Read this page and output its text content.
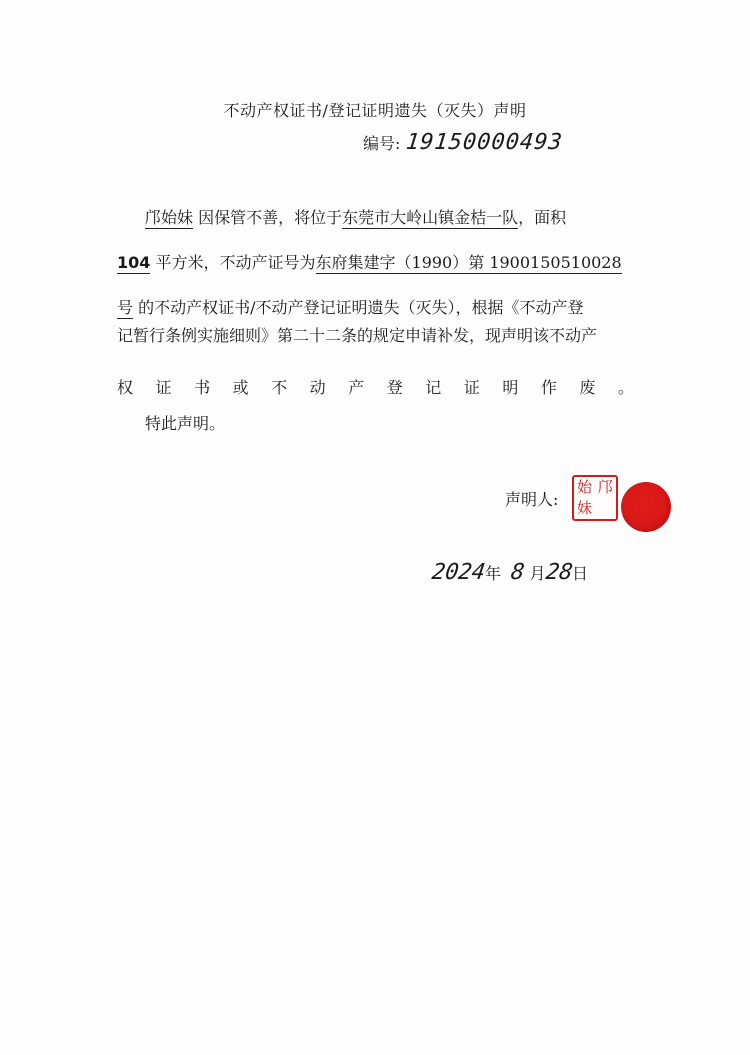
不动产权证书/登记证明遗失（灭失）声明
编号: 19150000493
邝始妹 因保管不善，将位于东莞市大岭山镇金桔一队，面积
104 平方米，不动产证号为东府集建字（1990）第 1900150510028
号 的不动产权证书/不动产登记证明遗失（灭失），根据《不动产登
记暂行条例实施细则》第二十二条的规定申请补发，现声明该不动产
权 证 书 或 不 动 产 登 记 证 明 作 废 。
特此声明。
声明人:
始 邝
妹
2024年 8 月28日
